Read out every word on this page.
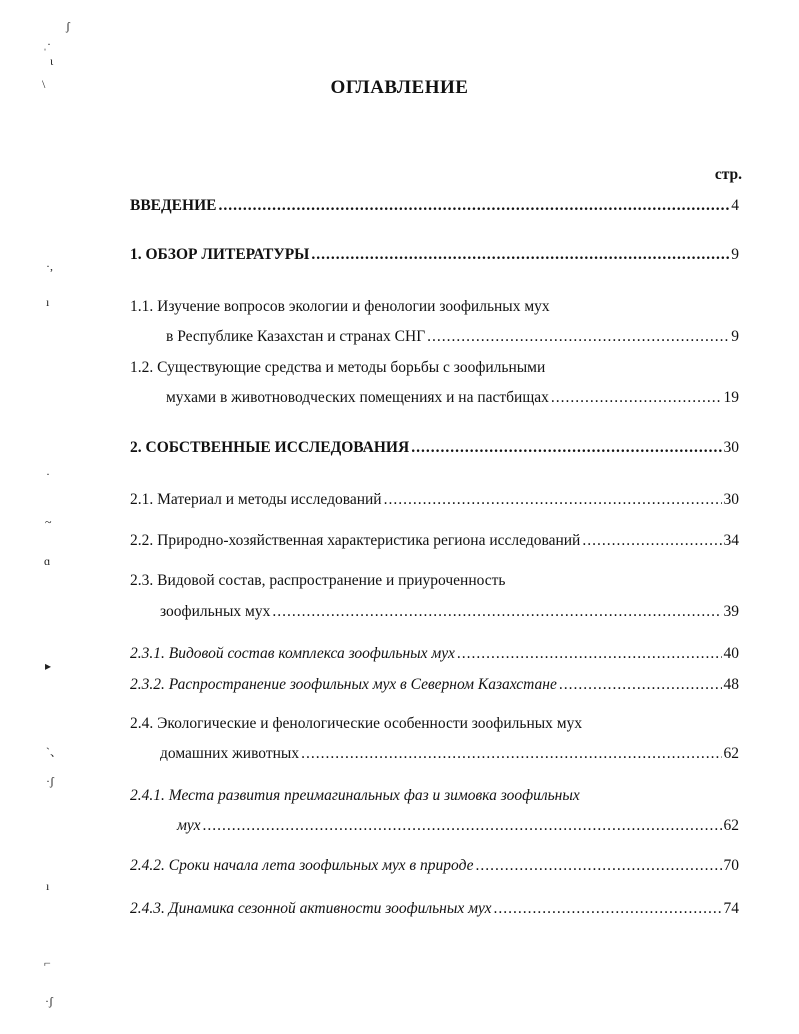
ʃ
ˌ·
ι
\
·,
ı
·
~
ɑ
▸
`、
·ʃ
ı
⌐
·ʃ
ОГЛАВЛЕНИЕ
стр.
ВВЕДЕНИЕ .....	4
1. ОБЗОР ЛИТЕРАТУРЫ .....	9
1.1. Изучение вопросов экологии и фенологии зоофильных мух
в Республике Казахстан и странах СНГ .....	9
1.2. Существующие средства и методы борьбы с зоофильными
мухами в животноводческих помещениях и на пастбищах .....	19
2. СОБСТВЕННЫЕ ИССЛЕДОВАНИЯ .....	30
2.1. Материал и методы исследований .....	30
2.2. Природно-хозяйственная характеристика региона исследований .....	34
2.3. Видовой состав, распространение и приуроченность
зоофильных мух .....	39
2.3.1. Видовой состав комплекса зоофильных мух .....	40
2.3.2. Распространение зоофильных мух в Северном Казахстане .....	48
2.4. Экологические и фенологические особенности зоофильных мух
домашних животных .....	62
2.4.1. Места развития преимагинальных фаз и зимовка зоофильных
мух .....	62
2.4.2. Сроки начала лета зоофильных мух в природе .....	70
2.4.3. Динамика сезонной активности зоофильных мух .....	74
